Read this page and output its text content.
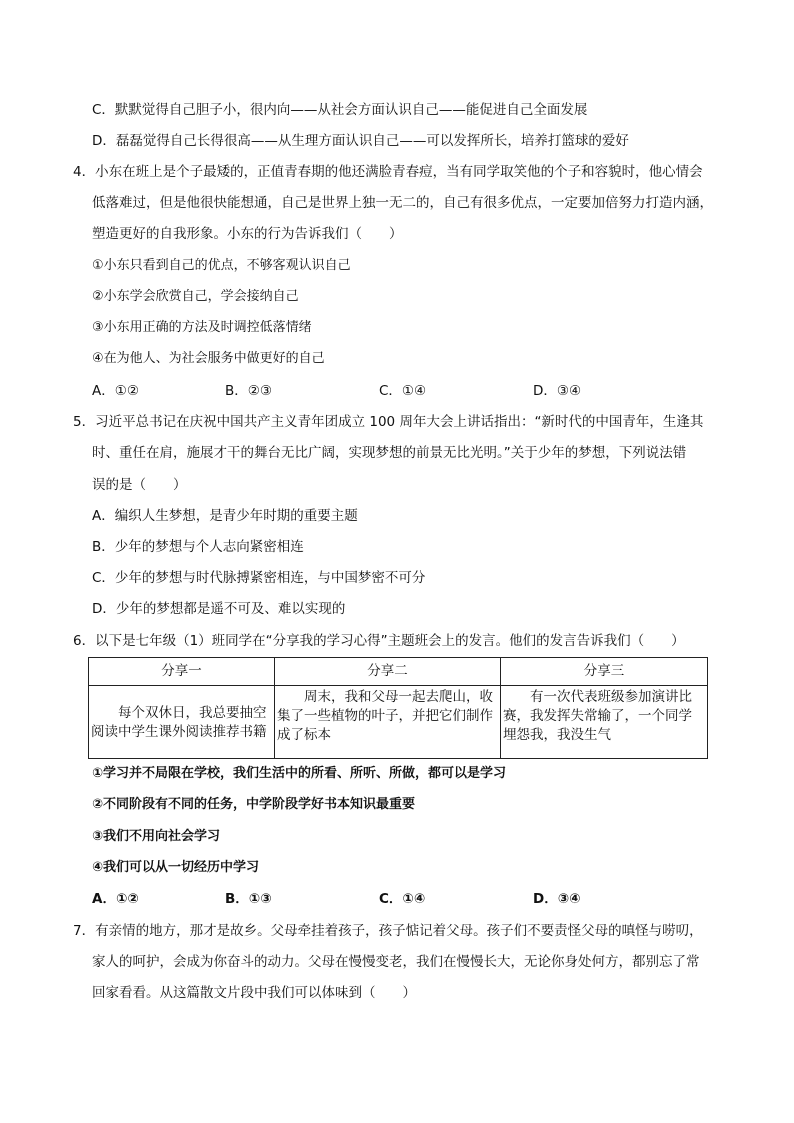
C．默默觉得自己胆子小，很内向——从社会方面认识自己——能促进自己全面发展
D．磊磊觉得自己长得很高——从生理方面认识自己——可以发挥所长，培养打篮球的爱好
4．小东在班上是个子最矮的，正值青春期的他还满脸青春痘，当有同学取笑他的个子和容貌时，他心情会
低落难过，但是他很快能想通，自己是世界上独一无二的，自己有很多优点，一定要加倍努力打造内涵，
塑造更好的自我形象。小东的行为告诉我们（　　）
①小东只看到自己的优点，不够客观认识自己
②小东学会欣赏自己，学会接纳自己
③小东用正确的方法及时调控低落情绪
④在为他人、为社会服务中做更好的自己
A．①②	B．②③	C．①④	D．③④
5．习近平总书记在庆祝中国共产主义青年团成立 100 周年大会上讲话指出：“新时代的中国青年，生逢其
时、重任在肩，施展才干的舞台无比广阔，实现梦想的前景无比光明。”关于少年的梦想，下列说法错
误的是（　　）
A．编织人生梦想，是青少年时期的重要主题
B．少年的梦想与个人志向紧密相连
C．少年的梦想与时代脉搏紧密相连，与中国梦密不可分
D．少年的梦想都是遥不可及、难以实现的
6．以下是七年级（1）班同学在“分享我的学习心得”主题班会上的发言。他们的发言告诉我们（　　）
分享一	分享二	分享三

每个双休日，我总要抽空阅读中学生课外阅读推荐书籍	周末，我和父母一起去爬山，收集了一些植物的叶子，并把它们制作成了标本	有一次代表班级参加演讲比赛，我发挥失常输了，一个同学埋怨我，我没生气
①学习并不局限在学校，我们生活中的所看、所听、所做，都可以是学习
②不同阶段有不同的任务，中学阶段学好书本知识最重要
③我们不用向社会学习
④我们可以从一切经历中学习
A．①②	B．①③	C．①④	D．③④
7．有亲情的地方，那才是故乡。父母牵挂着孩子，孩子惦记着父母。孩子们不要责怪父母的嗔怪与唠叨，
家人的呵护，会成为你奋斗的动力。父母在慢慢变老，我们在慢慢长大，无论你身处何方，都别忘了常
回家看看。从这篇散文片段中我们可以体味到（　　）
